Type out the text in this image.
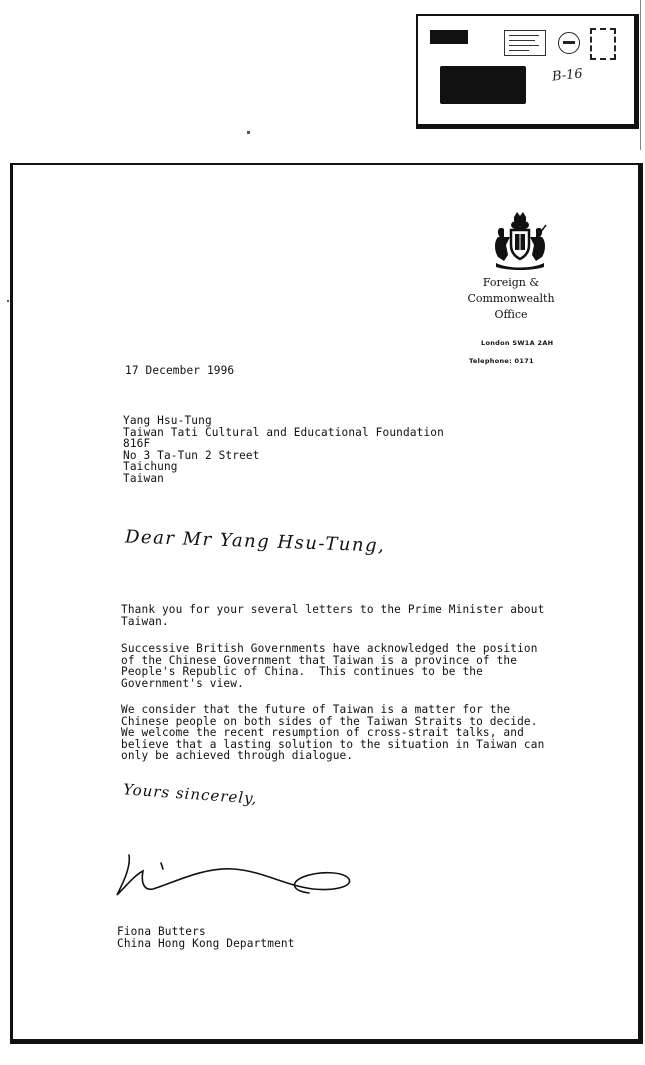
B-16
Foreign &
Commonwealth
Office
London SW1A 2AH
Telephone: 0171
17 December 1996
Yang Hsu-Tung
Taiwan Tati Cultural and Educational Foundation
816F
No 3 Ta-Tun 2 Street
Taichung
Taiwan
Dear Mr Yang Hsu-Tung,
Thank you for your several letters to the Prime Minister about
Taiwan.
Successive British Governments have acknowledged the position
of the Chinese Government that Taiwan is a province of the
People's Republic of China.  This continues to be the
Government's view.
We consider that the future of Taiwan is a matter for the
Chinese people on both sides of the Taiwan Straits to decide.
We welcome the recent resumption of cross-strait talks, and
believe that a lasting solution to the situation in Taiwan can
only be achieved through dialogue.
Yours sincerely,
Fiona Butters
China Hong Kong Department
